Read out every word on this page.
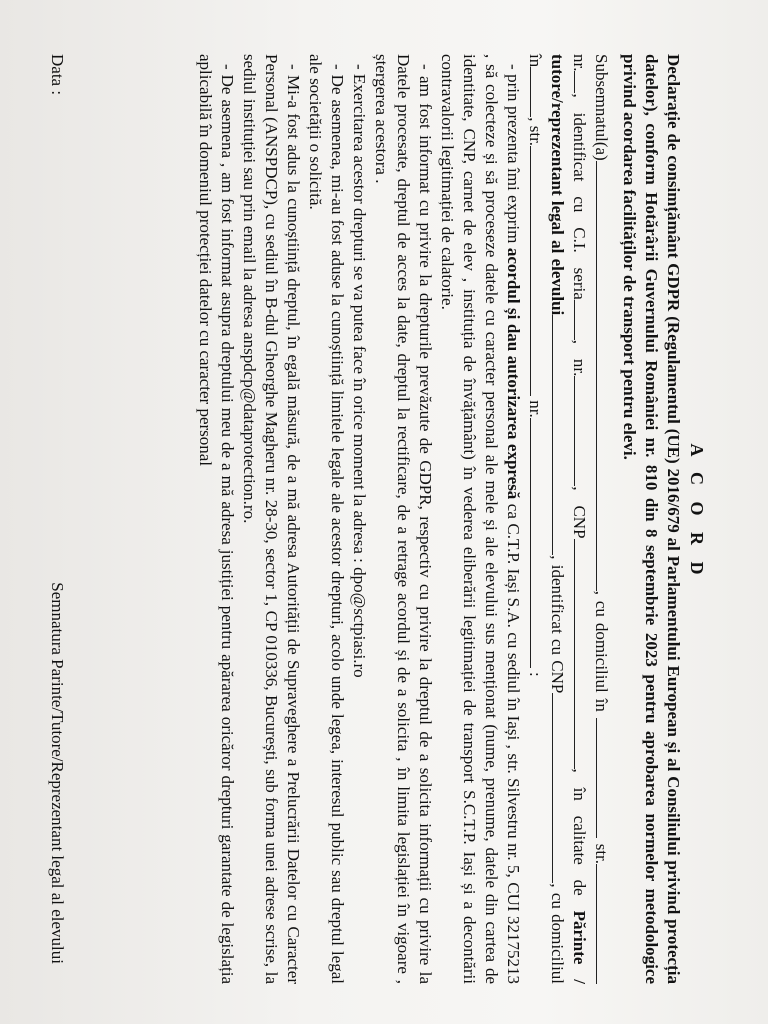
A C O R D

Declarație de consimțământ GDPR (Regulamentul (UE) 2016/679 al Parlamentului European și al Consiliului privind protecția datelor), conform Hotărârii Guvernului României nr. 810 din 8 septembrie 2023 pentru aprobarea normelor metodologice privind acordarea facilităților de transport pentru elevi.

Subsemnatul(a), cu domiciliul în  str. nr., identificat cu C.I. seria, nr., CNP, în calitate de Părinte / tutore/reprezentant legal al elevului, identificat cu CNP, cu domiciliul în, str. nr. :

- prin prezenta îmi exprim acordul și dau autorizarea expresă ca C.T.P. Iași S.A. cu sediul în Iași , str. Silvestru nr. 5, CUI 32175213 , să colecteze și să proceseze datele cu caracter personal ale mele și ale elevului sus menționat (nume, prenume, datele din cartea de identitate, CNP, carnet de elev , instituția de învățământ) în vederea eliberării legitimației de transport S.C.T.P. Iași și a decontării contravalorii legitimației de calatorie.

- am fost informat cu privire la drepturile prevăzute de GDPR, respectiv cu privire la dreptul de a solicita informații cu privire la Datele procesate, dreptul de acces la date, dreptul la rectificare, de a retrage acordul și de a solicita , în limita legislației în vigoare , ștergerea acestora .

- Exercitarea acestor drepturi se va putea face în orice moment la adresa : dpo@sctpiasi.ro

- De asemenea, mi-au fost aduse la cunoștiință limitele legale ale acestor drepturi, acolo unde legea, interesul public sau dreptul legal ale societății o solicită.

- Mi-a fost adus la cunoștiință dreptul, în egală măsură, de a mă adresa Autorității de Supraveghere a Prelucrării Datelor cu Caracter Personal (ANSPDCP), cu sediul în B-dul Gheorghe Magheru nr. 28-30, sector 1, CP 010336, București, sub forma unei adrese scrise, la sediul instituției sau prin email la adresa anspdcp@dataprotection.ro.

- De asemena , am fost informat asupra dreptului meu de a mă adresa justiției pentru apărarea oricăror drepturi garantate de legislația aplicabilă în domeniul protecției datelor cu caracter personal

Data :
Semnatura Parinte/Tutore/Reprezentant legal al elevului
